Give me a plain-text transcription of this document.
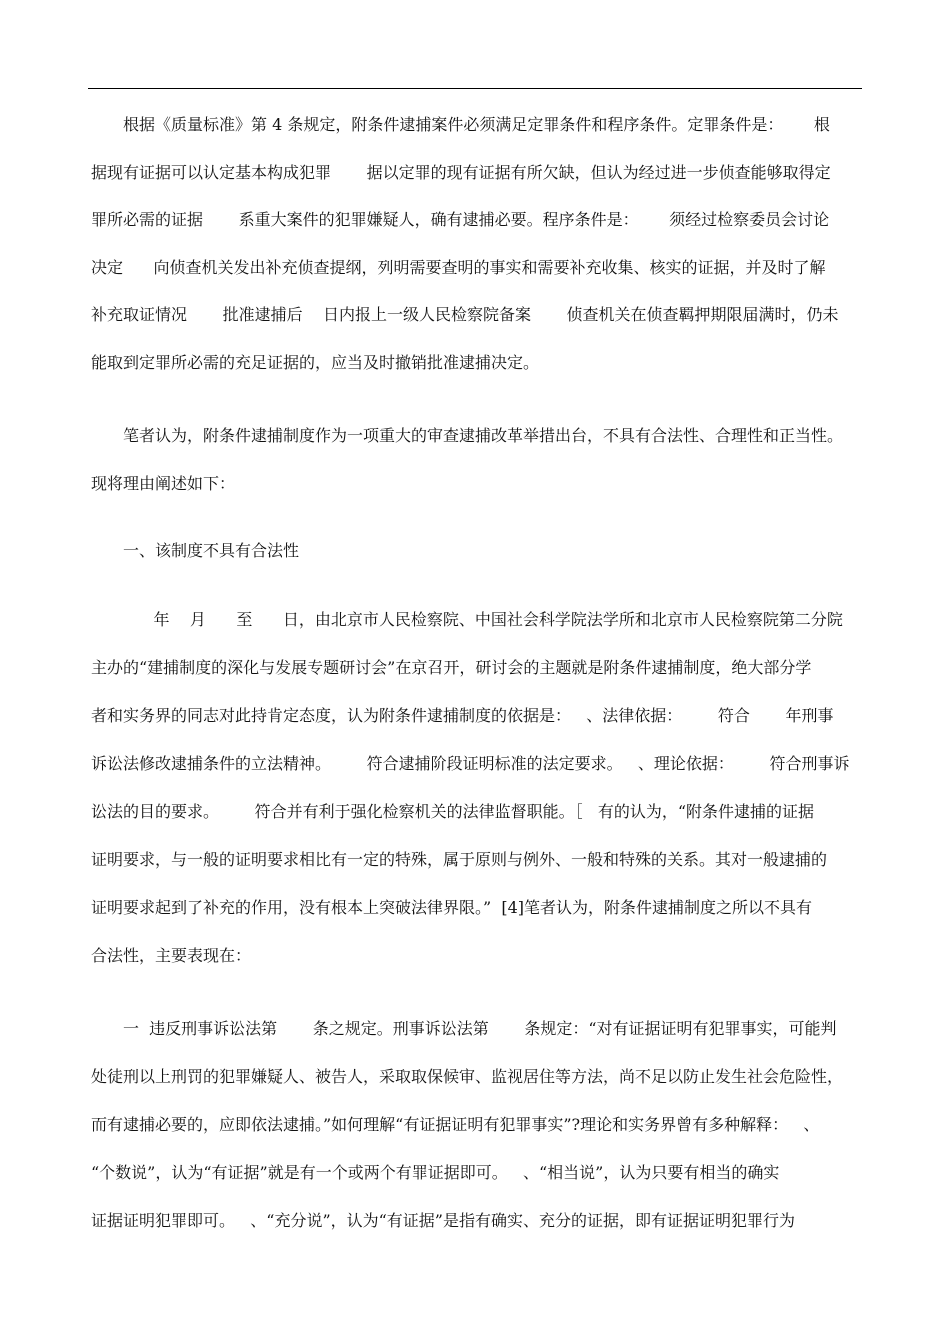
根据《质量标准》第 4 条规定，附条件逮捕案件必须满足定罪条件和程序条件。定罪条件是：      根
据现有证据可以认定基本构成犯罪       据以定罪的现有证据有所欠缺，但认为经过进一步侦查能够取得定
罪所必需的证据       系重大案件的犯罪嫌疑人，确有逮捕必要。程序条件是：      须经过检察委员会讨论
决定      向侦查机关发出补充侦查提纲，列明需要查明的事实和需要补充收集、核实的证据，并及时了解
补充取证情况       批准逮捕后    日内报上一级人民检察院备案       侦查机关在侦查羁押期限届满时，仍未
能取到定罪所必需的充足证据的，应当及时撤销批准逮捕决定。
笔者认为，附条件逮捕制度作为一项重大的审查逮捕改革举措出台，不具有合法性、合理性和正当性。
现将理由阐述如下：
一、该制度不具有合法性
年    月      至      日，由北京市人民检察院、中国社会科学院法学所和北京市人民检察院第二分院
主办的“建捕制度的深化与发展专题研讨会”在京召开，研讨会的主题就是附条件逮捕制度，绝大部分学
者和实务界的同志对此持肯定态度，认为附条件逮捕制度的依据是：   、法律依据：       符合       年刑事
诉讼法修改逮捕条件的立法精神。       符合逮捕阶段证明标准的法定要求。   、理论依据：       符合刑事诉
讼法的目的要求。       符合并有利于强化检察机关的法律监督职能。［   有的认为，“附条件逮捕的证据
证明要求，与一般的证明要求相比有一定的特殊，属于原则与例外、一般和特殊的关系。其对一般逮捕的
证明要求起到了补充的作用，没有根本上突破法律界限。”  [4]笔者认为，附条件逮捕制度之所以不具有
合法性，主要表现在：
一  违反刑事诉讼法第       条之规定。刑事诉讼法第       条规定：“对有证据证明有犯罪事实，可能判
处徒刑以上刑罚的犯罪嫌疑人、被告人，采取取保候审、监视居住等方法，尚不足以防止发生社会危险性，
而有逮捕必要的，应即依法逮捕。”如何理解“有证据证明有犯罪事实”?理论和实务界曾有多种解释：   、
“个数说”，认为“有证据”就是有一个或两个有罪证据即可。   、“相当说”，认为只要有相当的确实
证据证明犯罪即可。   、“充分说”，认为“有证据”是指有确实、充分的证据，即有证据证明犯罪行为
